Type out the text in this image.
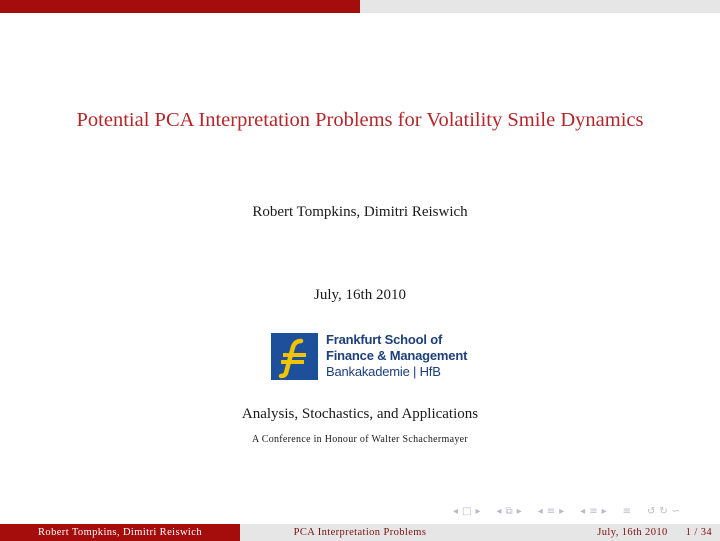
Potential PCA Interpretation Problems for Volatility Smile Dynamics
Robert Tompkins, Dimitri Reiswich
July, 16th 2010
Frankfurt School of
Finance & Management
Bankakademie | HfB
Analysis, Stochastics, and Applications
A Conference in Honour of Walter Schachermayer
◂ □ ▸ ◂ ⧉ ▸ ◂ ≡ ▸ ◂ ≡ ▸ ≡ ↺ ↻ ∽
Robert Tompkins, Dimitri Reiswich	PCA Interpretation Problems	July, 16th 2010 1 / 34
